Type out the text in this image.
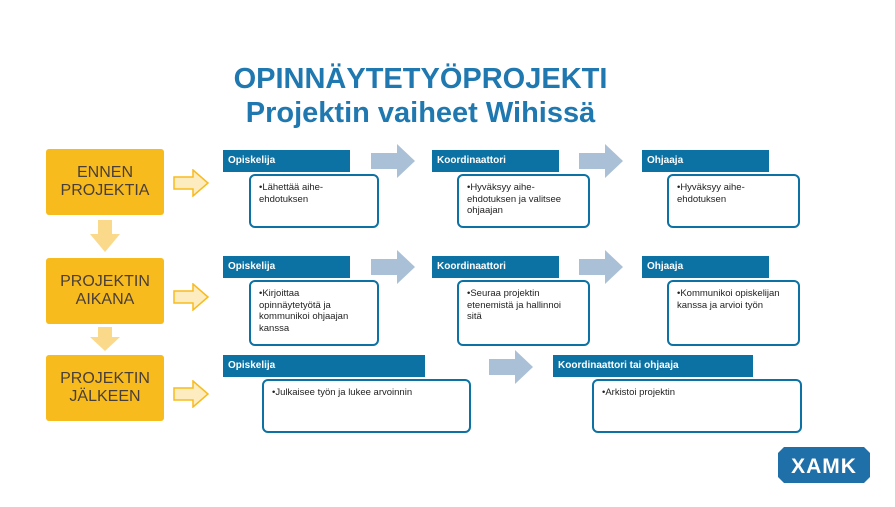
OPINNÄYTETYÖPROJEKTI
Projektin vaiheet Wihissä
ENNEN
PROJEKTIA
PROJEKTIN
AIKANA
PROJEKTIN
JÄLKEEN
Opiskelija
•Lähettää aihe-
ehdotuksen
Koordinaattori
•Hyväksyy aihe-
ehdotuksen ja valitsee
ohjaajan
Ohjaaja
•Hyväksyy aihe-
ehdotuksen
Opiskelija
•Kirjoittaa
opinnäytetyötä ja
kommunikoi ohjaajan
kanssa
Koordinaattori
•Seuraa projektin
etenemistä ja hallinnoi
sitä
Ohjaaja
•Kommunikoi opiskelijan
kanssa ja arvioi työn
Opiskelija
•Julkaisee työn ja lukee arvoinnin
Koordinaattori tai ohjaaja
•Arkistoi projektin
XAMK
